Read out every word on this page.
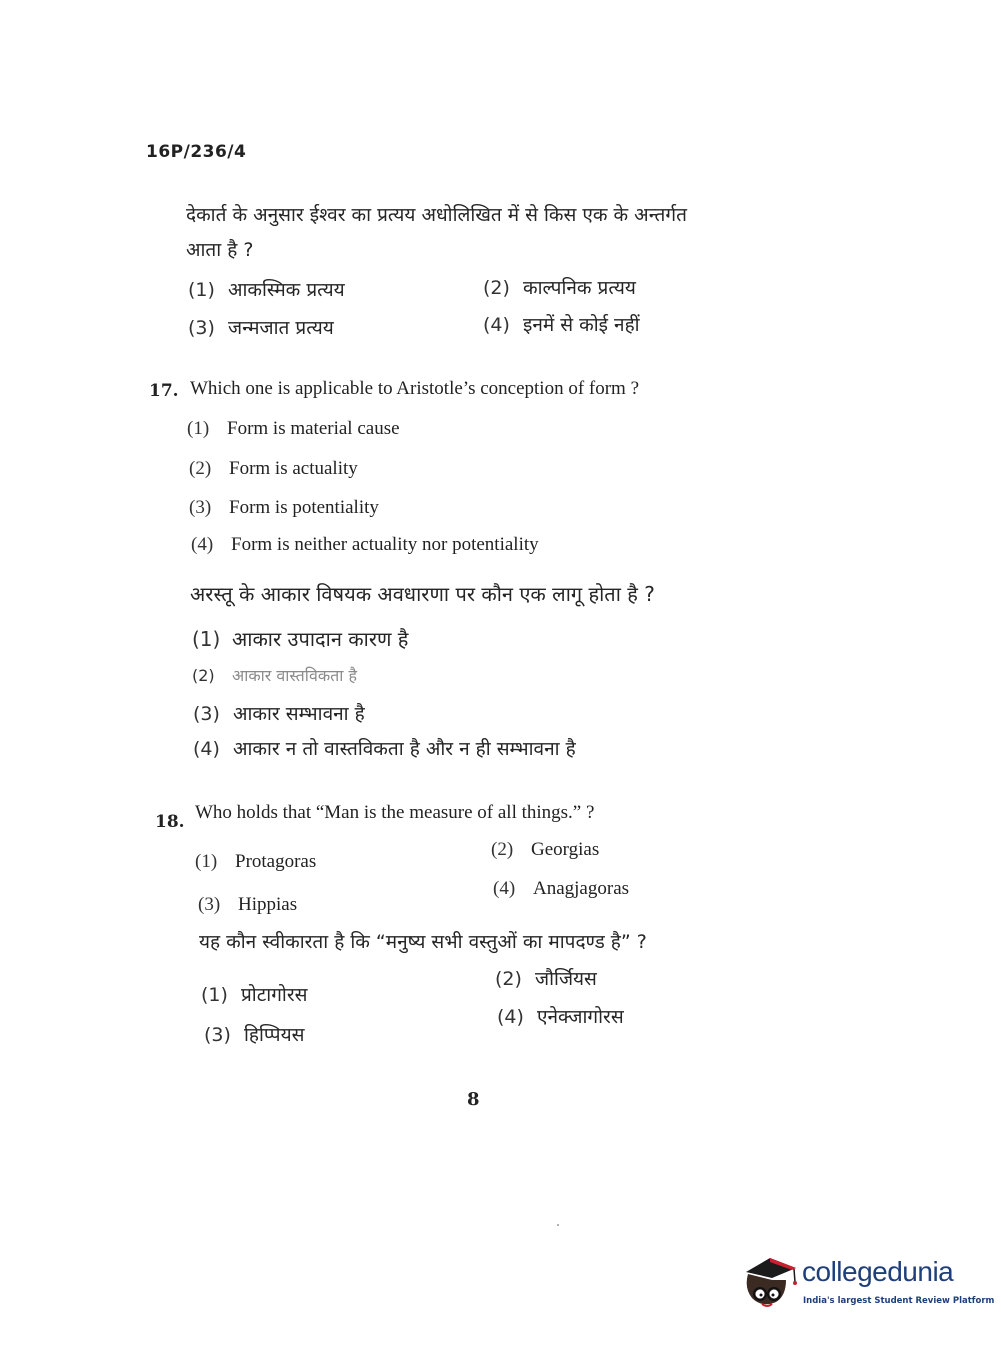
16P/236/4
देकार्त के अनुसार ईश्वर का प्रत्यय अधोलिखित में से किस एक के अन्तर्गत
आता है ?
(1) आकस्मिक प्रत्यय	(2) काल्पनिक प्रत्यय
(3) जन्मजात प्रत्यय	(4) इनमें से कोई नहीं
17. Which one is applicable to Aristotle’s conception of form ?
(1) Form is material cause
(2) Form is actuality
(3) Form is potentiality
(4) Form is neither actuality nor potentiality
अरस्तू के आकार विषयक अवधारणा पर कौन एक लागू होता है ?
(1) आकार उपादान कारण है
(2) आकार वास्तविकता है
(3) आकार सम्भावना है
(4) आकार न तो वास्तविकता है और न ही सम्भावना है
18. Who holds that “Man is the measure of all things.” ?
(1) Protagoras
(2) Georgias
(3) Hippias
(4) Anagjagoras
यह कौन स्वीकारता है कि “मनुष्य सभी वस्तुओं का मापदण्ड है” ?
(1) प्रोटागोरस
(2) जौर्जियस
(3) हिप्पियस
(4) एनेक्जागोरस
8
collegedunia
India's largest Student Review Platform
